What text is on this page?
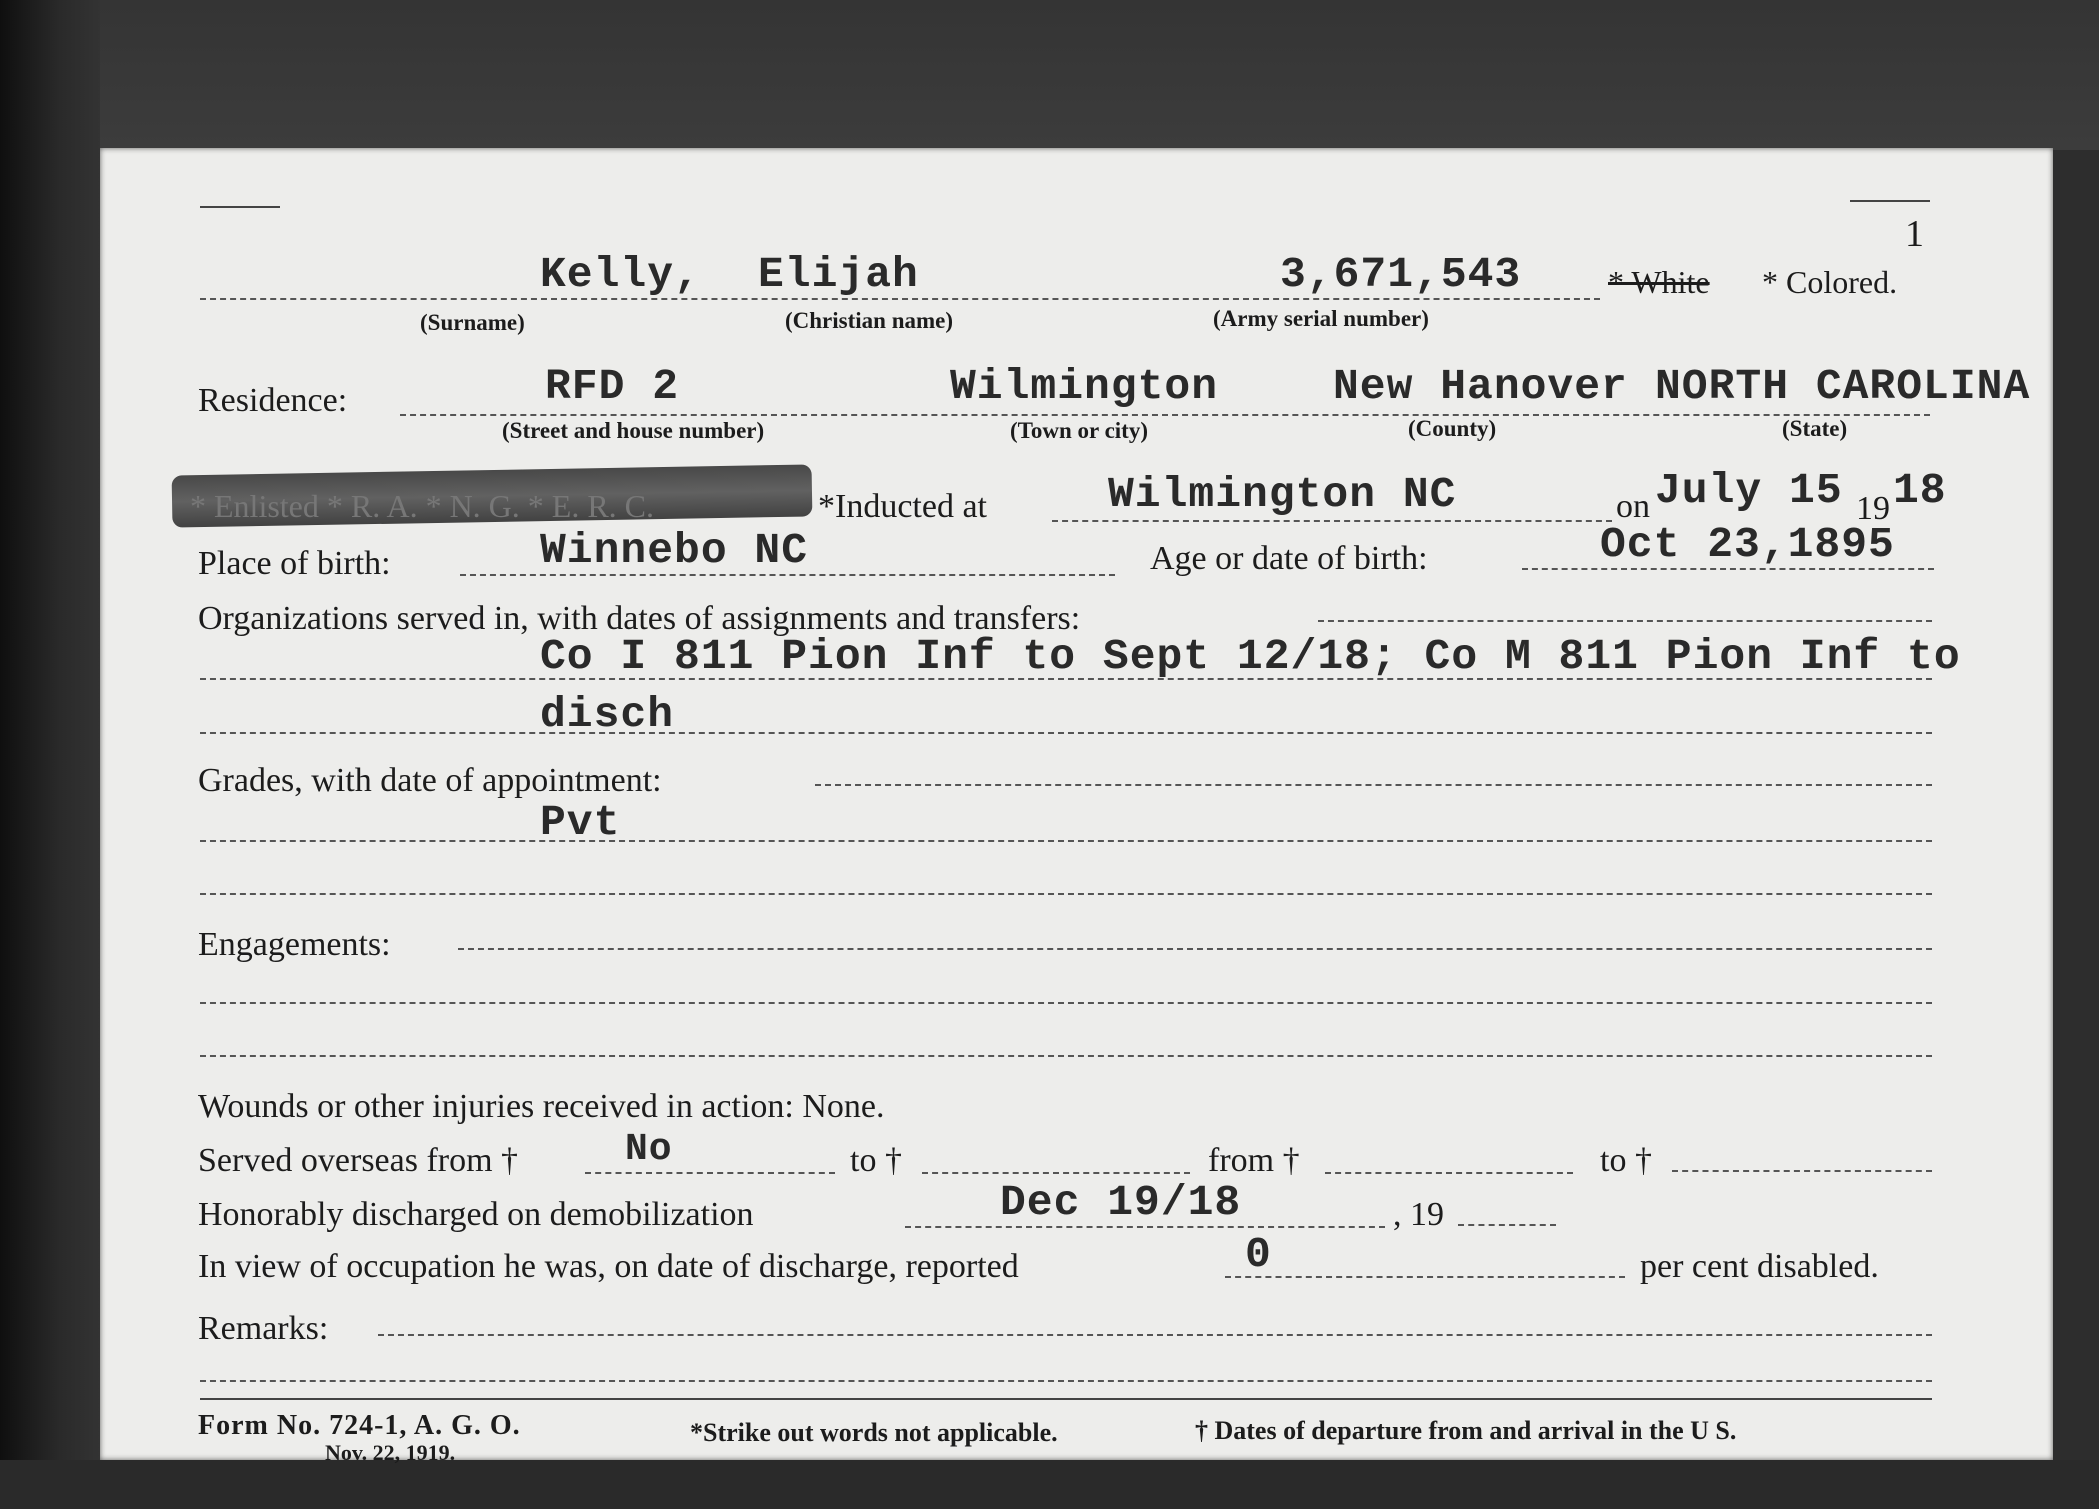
1
Kelly, Elijah	3,671,543	* White * Colored.
(Surname)	(Christian name)	(Army serial number)
Residence:	RFD 2	Wilmington	New Hanover NORTH CAROLINA
(Street and house number)	(Town or city)	(County)	(State)
* Enlisted * R. A. * N. G. * E. R. C.	*Inducted at	Wilmington NC	on July 15 19 18
Place of birth:	Winnebo NC	Age or date of birth:	Oct 23,1895
Organizations served in, with dates of assignments and transfers:
Co I 811 Pion Inf to Sept 12/18; Co M 811 Pion Inf to
disch
Grades, with date of appointment:
Pvt
Engagements:
Wounds or other injuries received in action: None.
Served overseas from †	No	to †	from †	to †
Honorably discharged on demobilization	Dec 19/18	, 19
In view of occupation he was, on date of discharge, reported	0	per cent disabled.
Remarks:
Form No. 724-1, A. G. O.
Nov. 22, 1919.
*Strike out words not applicable.	† Dates of departure from and arrival in the U S.
